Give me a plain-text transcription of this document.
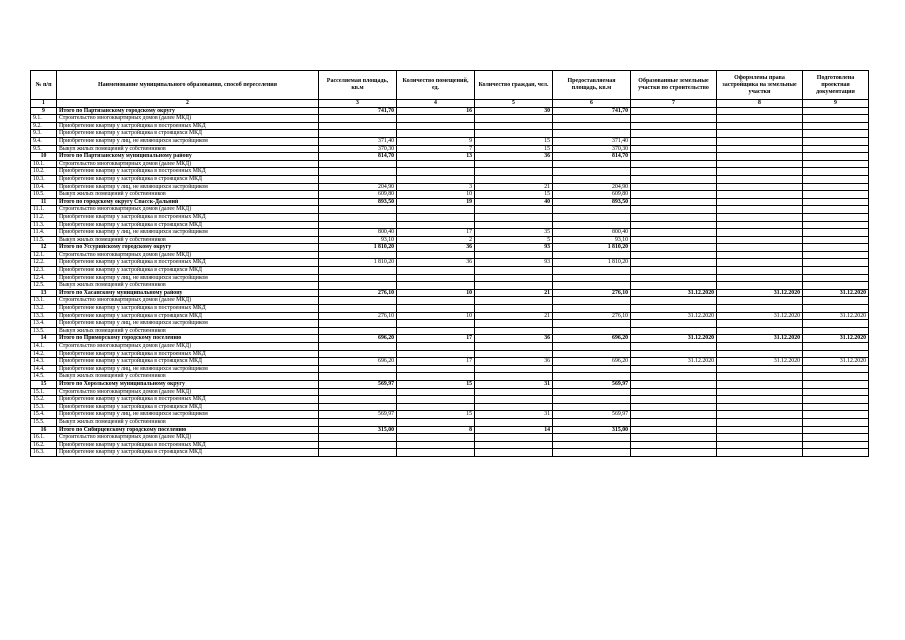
№ п/п	Наименование муниципального образования, способ переселения	Расселяемая площадь, кв.м	Количество помещений, ед.	Количество граждан, чел.	Предоставляемая площадь, кв.м	Образованные земельные участки по строительство	Оформлены права застройщика на земельные участки	Подготовлена проектная документация
1	2	3	4	5	6	7	8	9
9	Итого по Партизанскому городскому округу	741,70	16	30	741,70			
9.1.	Строительство многоквартирных домов (далее МКД)							
9.2.	Приобретение квартир у застройщика в построенных МКД							
9.3.	Приобретение квартир у застройщика в строящихся МКД							
9.4.	Приобретение квартир у лиц, не являющихся застройщиком	371,40	9	15	371,40			
9.5.	Выкуп жилых помещений у собственников	370,30	7	15	370,30			
10	Итого по Партизанскому муниципальному району	814,70	13	36	814,70			
10.1.	Строительство многоквартирных домов (далее МКД)							
10.2.	Приобретение квартир у застройщика в построенных МКД							
10.3.	Приобретение квартир у застройщика в строящихся МКД							
10.4.	Приобретение квартир у лиц, не являющихся застройщиком	204,90	3	21	204,90			
10.5.	Выкуп жилых помещений у собственников	609,80	10	15	609,80			
11	Итого по городскому округу Спасск-Дальний	893,50	19	40	893,50			
11.1.	Строительство многоквартирных домов (далее МКД)							
11.2.	Приобретение квартир у застройщика в построенных МКД							
11.3.	Приобретение квартир у застройщика в строящихся МКД							
11.4.	Приобретение квартир у лиц, не являющихся застройщиком	800,40	17	35	800,40			
11.5.	Выкуп жилых помещений у собственников	93,10	2	5	93,10			
12	Итого по Уссурийскому городскому округу	1 810,20	36	93	1 810,20			
12.1.	Строительство многоквартирных домов (далее МКД)							
12.2.	Приобретение квартир у застройщика в построенных МКД	1 810,20	36	93	1 810,20			
12.3.	Приобретение квартир у застройщика в строящихся МКД							
12.4.	Приобретение квартир у лиц, не являющихся застройщиком							
12.5.	Выкуп жилых помещений у собственников							
13	Итого по Хасанскому муниципальному району	276,10	10	21	276,10	31.12.2020	31.12.2020	31.12.2020
13.1.	Строительство многоквартирных домов (далее МКД)							
13.2.	Приобретение квартир у застройщика в построенных МКД							
13.3.	Приобретение квартир у застройщика в строящихся МКД	276,10	10	21	276,10	31.12.2020	31.12.2020	31.12.2020
13.4.	Приобретение квартир у лиц, не являющихся застройщиком							
13.5.	Выкуп жилых помещений у собственников							
14	Итого по Приморскому городскому поселению	696,20	17	36	696,20	31.12.2020	31.12.2020	31.12.2020
14.1.	Строительство многоквартирных домов (далее МКД)							
14.2.	Приобретение квартир у застройщика в построенных МКД							
14.3.	Приобретение квартир у застройщика в строящихся МКД	696,20	17	36	696,20	31.12.2020	31.12.2020	31.12.2020
14.4.	Приобретение квартир у лиц, не являющихся застройщиком							
14.5.	Выкуп жилых помещений у собственников							
15	Итого по Хорольскому муниципальному округу	569,97	15	31	569,97			
15.1.	Строительство многоквартирных домов (далее МКД)							
15.2.	Приобретение квартир у застройщика в построенных МКД							
15.3.	Приобретение квартир у застройщика в строящихся МКД							
15.4.	Приобретение квартир у лиц, не являющихся застройщиком	569,97	15	31	569,97			
15.5.	Выкуп жилых помещений у собственников							
16	Итого по Сибирцевскому городскому поселению	315,00	8	14	315,00			
16.1.	Строительство многоквартирных домов (далее МКД)							
16.2.	Приобретение квартир у застройщика в построенных МКД							
16.3.	Приобретение квартир у застройщика в строящихся МКД							
